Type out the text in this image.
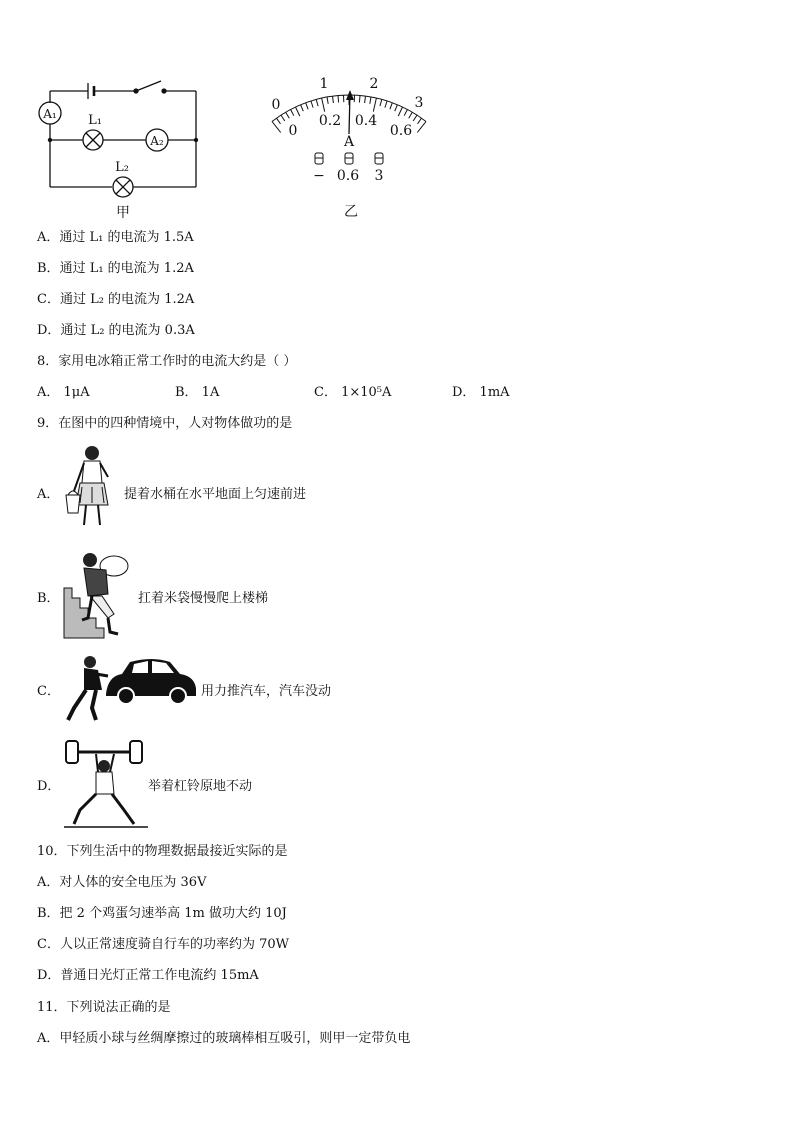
A₁
A₂
L₁
L₂
甲
0
1	2
3
0
0.2 0.4
0.6
A
− 0.6 3
乙
A．通过 L₁ 的电流为 1.5A
B．通过 L₁ 的电流为 1.2A
C．通过 L₂ 的电流为 1.2A
D．通过 L₂ 的电流为 0.3A
8．家用电冰箱正常工作时的电流大约是（ ）
A． 1μA	B． 1A	C． 1×10⁵A	D． 1mA
9．在图中的四种情境中，人对物体做功的是
A．	提着水桶在水平地面上匀速前进
B．	扛着米袋慢慢爬上楼梯
C．	用力推汽车，汽车没动
D．	举着杠铃原地不动
10．下列生活中的物理数据最接近实际的是
A．对人体的安全电压为 36V
B．把 2 个鸡蛋匀速举高 1m 做功大约 10J
C．人以正常速度骑自行车的功率约为 70W
D．普通日光灯正常工作电流约 15mA
11．下列说法正确的是
A．甲轻质小球与丝绸摩擦过的玻璃棒相互吸引，则甲一定带负电
